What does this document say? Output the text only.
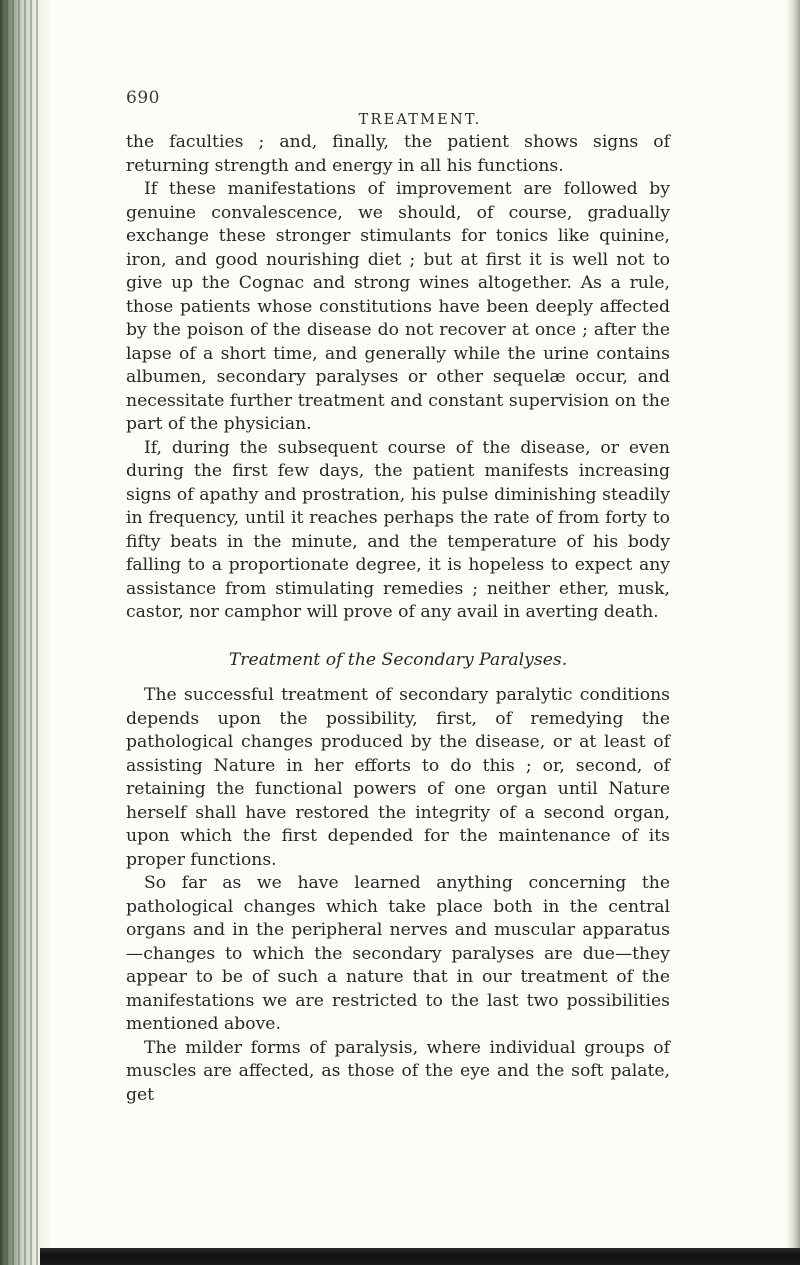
690
TREATMENT.

the faculties ; and, finally, the patient shows signs of returning strength and energy in all his functions.

If these manifestations of improvement are followed by genuine convalescence, we should, of course, gradually exchange these stronger stimulants for tonics like quinine, iron, and good nourishing diet ; but at first it is well not to give up the Cognac and strong wines altogether. As a rule, those patients whose constitutions have been deeply affected by the poison of the disease do not recover at once ; after the lapse of a short time, and generally while the urine contains albumen, secondary paralyses or other sequelæ occur, and necessitate further treatment and constant supervision on the part of the physician.

If, during the subsequent course of the disease, or even during the first few days, the patient manifests increasing signs of apathy and prostration, his pulse diminishing steadily in frequency, until it reaches perhaps the rate of from forty to fifty beats in the minute, and the temperature of his body falling to a proportionate degree, it is hopeless to expect any assistance from stimulating remedies ; neither ether, musk, castor, nor camphor will prove of any avail in averting death.

Treatment of the Secondary Paralyses.

The successful treatment of secondary paralytic conditions depends upon the possibility, first, of remedying the pathological changes produced by the disease, or at least of assisting Nature in her efforts to do this ; or, second, of retaining the functional powers of one organ until Nature herself shall have restored the integrity of a second organ, upon which the first depended for the maintenance of its proper functions.

So far as we have learned anything concerning the pathological changes which take place both in the central organs and in the peripheral nerves and muscular apparatus—changes to which the secondary paralyses are due—they appear to be of such a nature that in our treatment of the manifestations we are restricted to the last two possibilities mentioned above.

The milder forms of paralysis, where individual groups of muscles are affected, as those of the eye and the soft palate, get
